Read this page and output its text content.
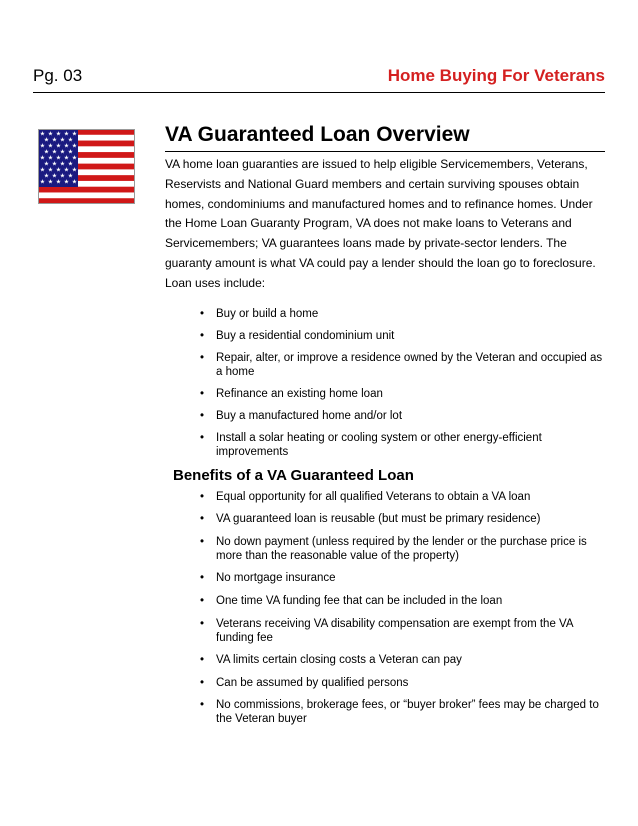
Pg. 03	Home Buying For Veterans
★ ★ ★ ★ ★
★ ★ ★ ★
★ ★ ★ ★ ★
★ ★ ★ ★
★ ★ ★ ★ ★
★ ★ ★ ★
★ ★ ★ ★ ★
★ ★ ★ ★
★ ★ ★ ★ ★
VA Guaranteed Loan Overview

VA home loan guaranties are issued to help eligible Servicemembers, Veterans, Reservists and National Guard members and certain surviving spouses obtain homes, condominiums and manufactured homes and to refinance homes. Under the Home Loan Guaranty Program, VA does not make loans to Veterans and Servicemembers; VA guarantees loans made by private-sector lenders. The guaranty amount is what VA could pay a lender should the loan go to foreclosure. Loan uses include:

• Buy or build a home
• Buy a residential condominium unit
• Repair, alter, or improve a residence owned by the Veteran and occupied as a home
• Refinance an existing home loan
• Buy a manufactured home and/or lot
• Install a solar heating or cooling system or other energy-efficient improvements
Benefits of a VA Guaranteed Loan
• Equal opportunity for all qualified Veterans to obtain a VA loan
• VA guaranteed loan is reusable (but must be primary residence)
• No down payment (unless required by the lender or the purchase price is more than the reasonable value of the property)
• No mortgage insurance
• One time VA funding fee that can be included in the loan
• Veterans receiving VA disability compensation are exempt from the VA funding fee
• VA limits certain closing costs a Veteran can pay
• Can be assumed by qualified persons
• No commissions, brokerage fees, or “buyer broker” fees may be charged to the Veteran buyer
